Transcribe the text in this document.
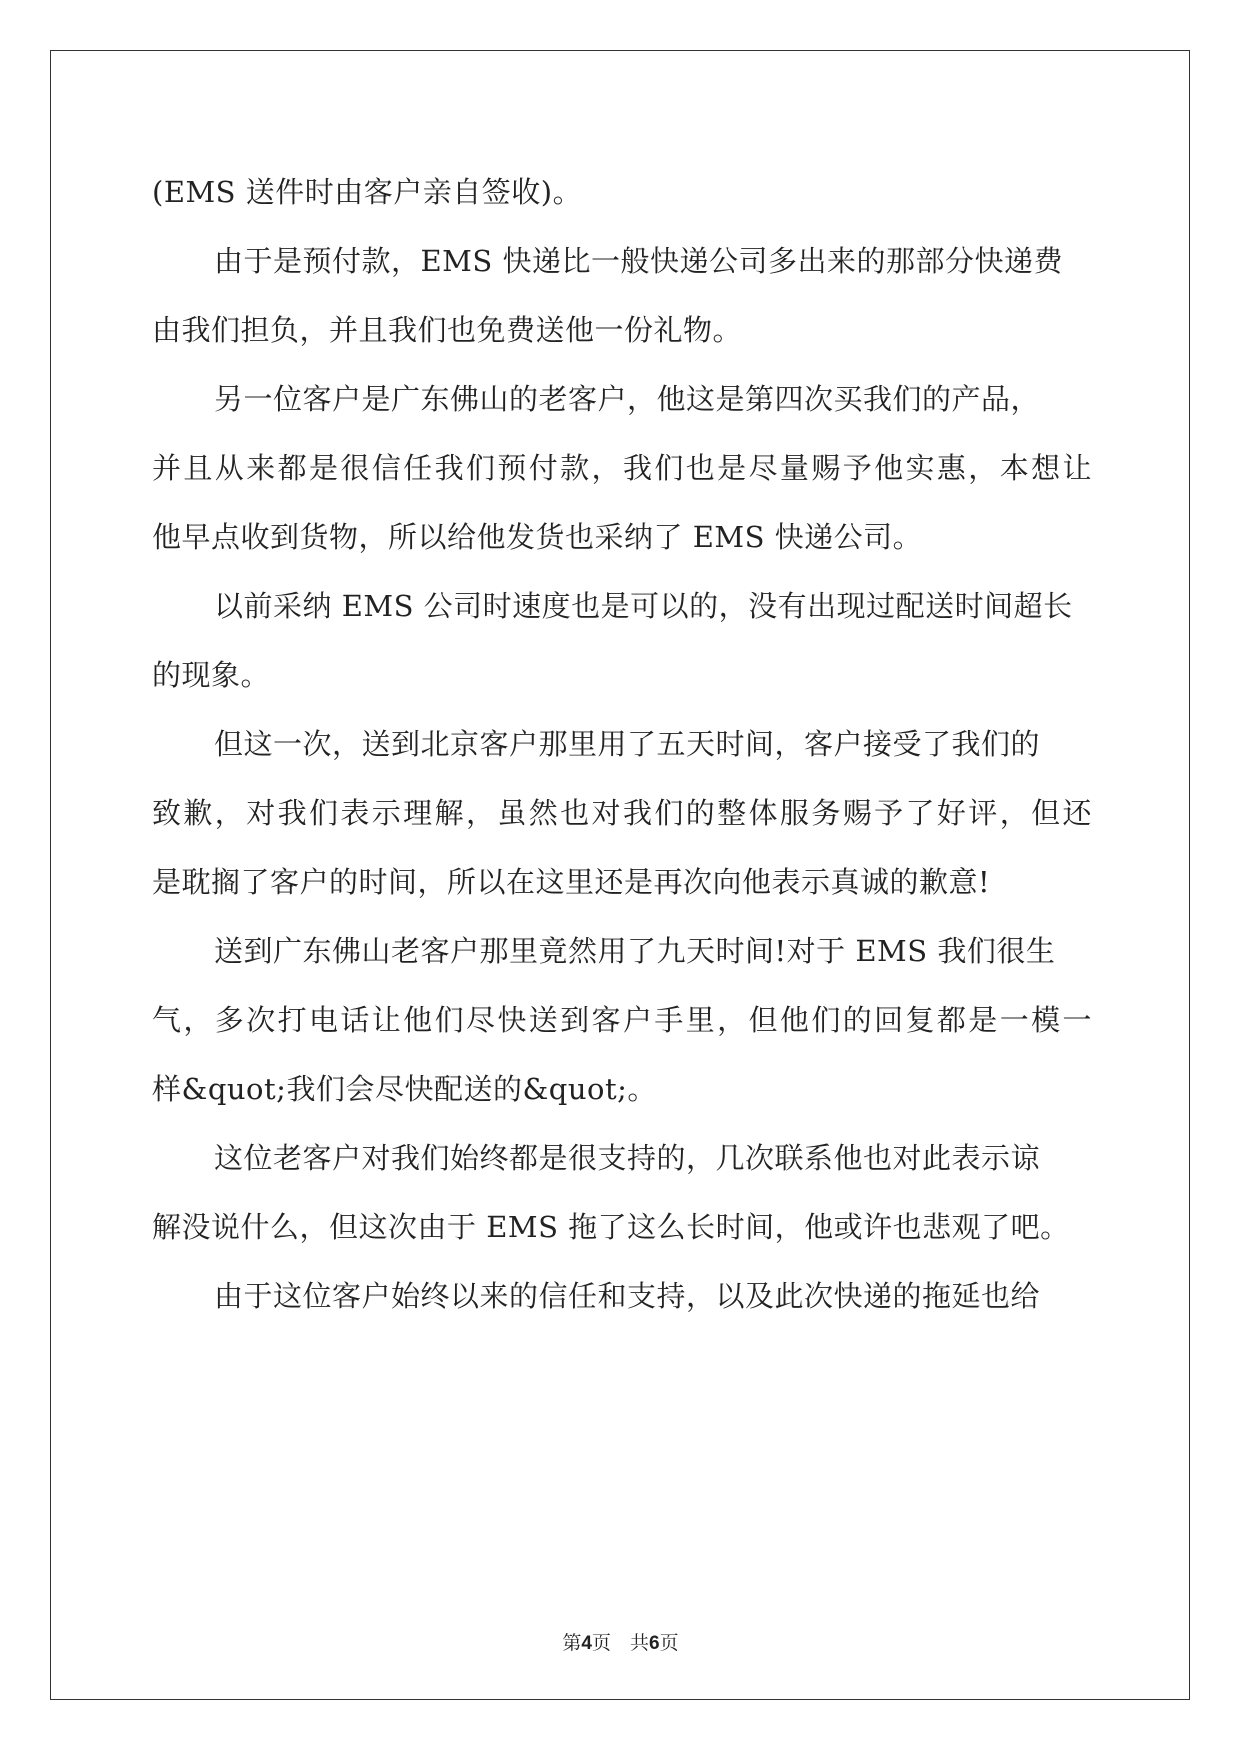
(EMS 送件时由客户亲自签收)。
由于是预付款，EMS 快递比一般快递公司多出来的那部分快递费
由我们担负，并且我们也免费送他一份礼物。
另一位客户是广东佛山的老客户，他这是第四次买我们的产品，
并且从来都是很信任我们预付款，我们也是尽量赐予他实惠，本想让
他早点收到货物，所以给他发货也采纳了 EMS 快递公司。
以前采纳 EMS 公司时速度也是可以的，没有出现过配送时间超长
的现象。
但这一次，送到北京客户那里用了五天时间，客户接受了我们的
致歉，对我们表示理解，虽然也对我们的整体服务赐予了好评，但还
是耽搁了客户的时间，所以在这里还是再次向他表示真诚的歉意!
送到广东佛山老客户那里竟然用了九天时间!对于 EMS 我们很生
气，多次打电话让他们尽快送到客户手里，但他们的回复都是一模一
样&quot;我们会尽快配送的&quot;。
这位老客户对我们始终都是很支持的，几次联系他也对此表示谅
解没说什么，但这次由于 EMS 拖了这么长时间，他或许也悲观了吧。
由于这位客户始终以来的信任和支持，以及此次快递的拖延也给
第4页　共6页
